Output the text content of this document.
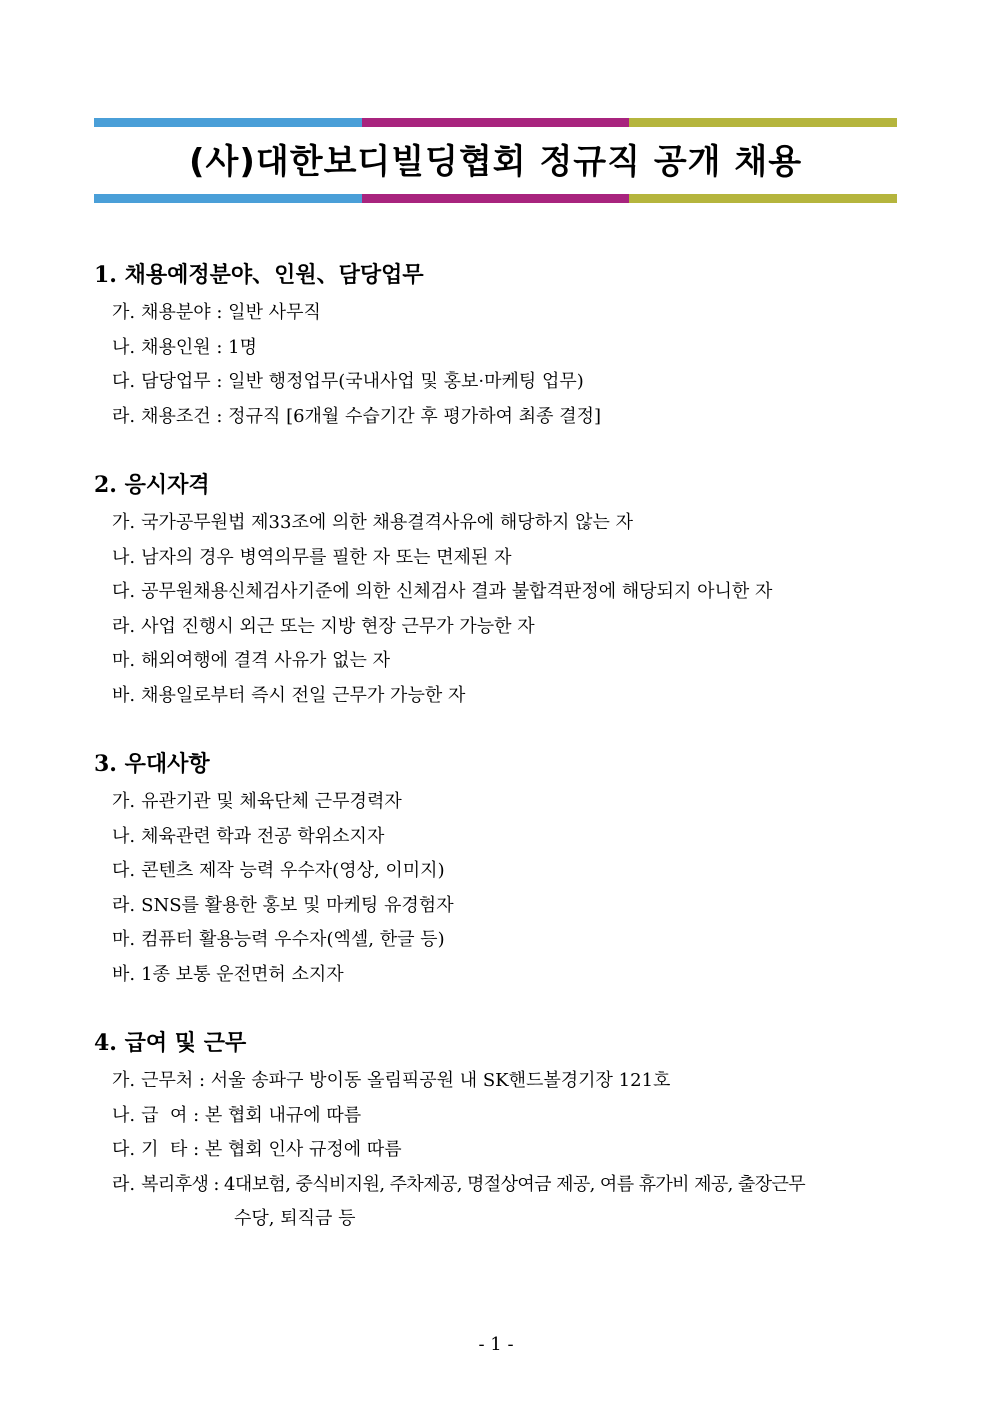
(사)대한보디빌딩협회 정규직 공개 채용
1. 채용예정분야、인원、담당업무
가. 채용분야 : 일반 사무직
나. 채용인원 : 1명
다. 담당업무 : 일반 행정업무(국내사업 및 홍보·마케팅 업무)
라. 채용조건 : 정규직 [6개월 수습기간 후 평가하여 최종 결정]
2. 응시자격
가. 국가공무원법 제33조에 의한 채용결격사유에 해당하지 않는 자
나. 남자의 경우 병역의무를 필한 자 또는 면제된 자
다. 공무원채용신체검사기준에 의한 신체검사 결과 불합격판정에 해당되지 아니한 자
라. 사업 진행시 외근 또는 지방 현장 근무가 가능한 자
마. 해외여행에 결격 사유가 없는 자
바. 채용일로부터 즉시 전일 근무가 가능한 자
3. 우대사항
가. 유관기관 및 체육단체 근무경력자
나. 체육관련 학과 전공 학위소지자
다. 콘텐츠 제작 능력 우수자(영상, 이미지)
라. SNS를 활용한 홍보 및 마케팅 유경험자
마. 컴퓨터 활용능력 우수자(엑셀, 한글 등)
바. 1종 보통 운전면허 소지자
4. 급여 및 근무
가. 근무처 : 서울 송파구 방이동 올림픽공원 내 SK핸드볼경기장 121호
나. 급  여 : 본 협회 내규에 따름
다. 기  타 : 본 협회 인사 규정에 따름
라. 복리후생 : 4대보험, 중식비지원, 주차제공, 명절상여금 제공, 여름 휴가비 제공, 출장근무
수당, 퇴직금 등
- 1 -
